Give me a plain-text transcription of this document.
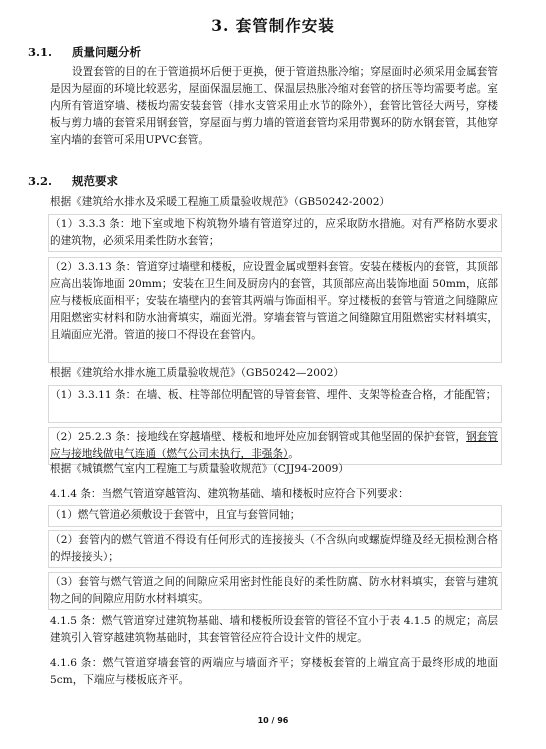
3. 套管制作安装
3.1. 质量问题分析

设置套管的目的在于管道损坏后便于更换，便于管道热胀冷缩；穿屋面时必须采用金属套管是因为屋面的环境比较恶劣，屋面保温层施工、保温层热胀冷缩对套管的挤压等均需要考虑。室内所有管道穿墙、楼板均需安装套管（排水支管采用止水节的除外），套管比管径大两号，穿楼板与剪力墙的套管采用钢套管，穿屋面与剪力墙的管道套管均采用带翼环的防水钢套管，其他穿室内墙的套管可采用UPVC套管。

3.2. 规范要求

根据《建筑给水排水及采暖工程施工质量验收规范》（GB50242-2002）

（1）3.3.3 条：地下室或地下构筑物外墙有管道穿过的，应采取防水措施。对有严格防水要求的建筑物，必须采用柔性防水套管；

（2）3.3.13 条：管道穿过墙壁和楼板，应设置金属或塑料套管。安装在楼板内的套管，其顶部应高出装饰地面 20mm；安装在卫生间及厨房内的套管，其顶部应高出装饰地面 50mm，底部应与楼板底面相平；安装在墙壁内的套管其两端与饰面相平。穿过楼板的套管与管道之间缝隙应用阻燃密实材料和防水油膏填实，端面光滑。穿墙套管与管道之间缝隙宜用阻燃密实材料填实，且端面应光滑。管道的接口不得设在套管内。

根据《建筑给水排水施工质量验收规范》（GB50242—2002）

（1）3.3.11 条：在墙、板、柱等部位明配管的导管套管、埋件、支架等检查合格，才能配管；

（2）25.2.3 条：接地线在穿越墙壁、楼板和地坪处应加套钢管或其他坚固的保护套管，钢套管应与接地线做电气连通（燃气公司未执行，非强条）。

根据《城镇燃气室内工程施工与质量验收规范》（CJJ94-2009）

4.1.4 条：当燃气管道穿越管沟、建筑物基础、墙和楼板时应符合下列要求：

（1）燃气管道必须敷设于套管中，且宜与套管同轴；

（2）套管内的燃气管道不得设有任何形式的连接接头（不含纵向或螺旋焊缝及经无损检测合格的焊接接头）；

（3）套管与燃气管道之间的间隙应采用密封性能良好的柔性防腐、防水材料填实，套管与建筑物之间的间隙应用防水材料填实。

4.1.5 条：燃气管道穿过建筑物基础、墙和楼板所设套管的管径不宜小于表 4.1.5 的规定；高层建筑引入管穿越建筑物基础时，其套管管径应符合设计文件的规定。

4.1.6 条：燃气管道穿墙套管的两端应与墙面齐平；穿楼板套管的上端宜高于最终形成的地面 5cm，下端应与楼板底齐平。

10 / 96
